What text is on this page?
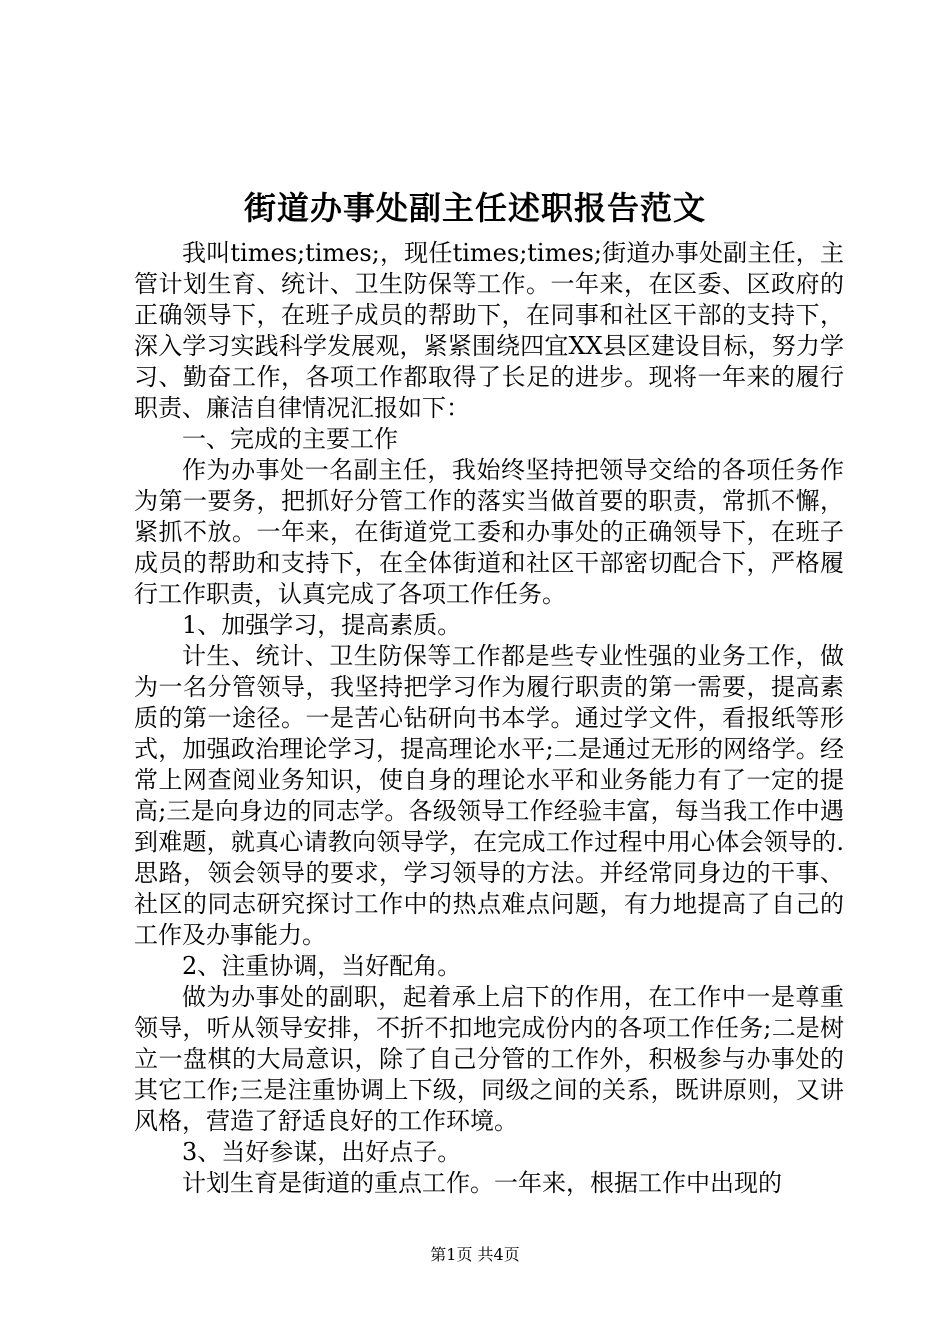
街道办事处副主任述职报告范文

我叫times;times;，现任times;times;街道办事处副主任，主管计划生育、统计、卫生防保等工作。一年来，在区委、区政府的正确领导下，在班子成员的帮助下，在同事和社区干部的支持下，深入学习实践科学发展观，紧紧围绕四宜XX县区建设目标，努力学习、勤奋工作，各项工作都取得了长足的进步。现将一年来的履行职责、廉洁自律情况汇报如下：

一、完成的主要工作

作为办事处一名副主任，我始终坚持把领导交给的各项任务作为第一要务，把抓好分管工作的落实当做首要的职责，常抓不懈，紧抓不放。一年来，在街道党工委和办事处的正确领导下，在班子成员的帮助和支持下，在全体街道和社区干部密切配合下，严格履行工作职责，认真完成了各项工作任务。

1、加强学习，提高素质。

计生、统计、卫生防保等工作都是些专业性强的业务工作，做为一名分管领导，我坚持把学习作为履行职责的第一需要，提高素质的第一途径。一是苦心钻研向书本学。通过学文件，看报纸等形式，加强政治理论学习，提高理论水平;二是通过无形的网络学。经常上网查阅业务知识，使自身的理论水平和业务能力有了一定的提高;三是向身边的同志学。各级领导工作经验丰富，每当我工作中遇到难题，就真心请教向领导学，在完成工作过程中用心体会领导的.思路，领会领导的要求，学习领导的方法。并经常同身边的干事、社区的同志研究探讨工作中的热点难点问题，有力地提高了自己的工作及办事能力。

2、注重协调，当好配角。

做为办事处的副职，起着承上启下的作用，在工作中一是尊重领导，听从领导安排，不折不扣地完成份内的各项工作任务;二是树立一盘棋的大局意识，除了自己分管的工作外，积极参与办事处的其它工作;三是注重协调上下级，同级之间的关系，既讲原则，又讲风格，营造了舒适良好的工作环境。

3、当好参谋，出好点子。

计划生育是街道的重点工作。一年来，根据工作中出现的

第1页 共4页
